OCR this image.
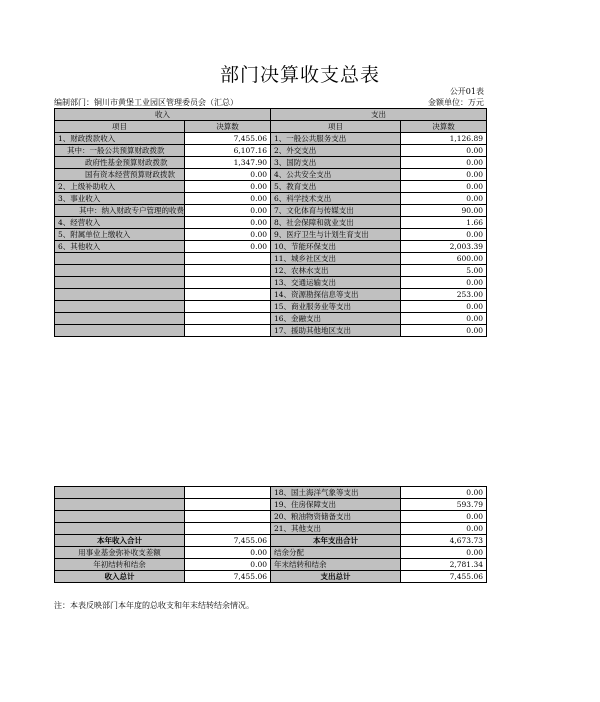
部门决算收支总表
公开01表
编制部门：铜川市黄堡工业园区管理委员会（汇总）	金额单位：万元
收入		支出	
项目	决算数	项目	决算数
1、财政拨款收入	7,455.06	1、一般公共服务支出	1,126.89
其中：一般公共预算财政拨款	6,107.16	2、外交支出	0.00
政府性基金预算财政拨款	1,347.90	3、国防支出	0.00
国有资本经营预算财政拨款	0.00	4、公共安全支出	0.00
2、上级补助收入	0.00	5、教育支出	0.00
3、事业收入	0.00	6、科学技术支出	0.00
其中：纳入财政专户管理的收费	0.00	7、文化体育与传媒支出	90.00
4、经营收入	0.00	8、社会保障和就业支出	1.66
5、附属单位上缴收入	0.00	9、医疗卫生与计划生育支出	0.00
6、其他收入	0.00	10、节能环保支出	2,003.39
		11、城乡社区支出	600.00
		12、农林水支出	5.00
		13、交通运输支出	0.00
		14、资源勘探信息等支出	253.00
		15、商业服务业等支出	0.00
		16、金融支出	0.00
		17、援助其他地区支出	0.00
		18、国土海洋气象等支出	0.00
		19、住房保障支出	593.79
		20、粮油物资储备支出	0.00
		21、其他支出	0.00
本年收入合计	7,455.06	本年支出合计	4,673.73
用事业基金弥补收支差额	0.00	结余分配	0.00
年初结转和结余	0.00	年末结转和结余	2,781.34
收入总计	7,455.06	支出总计	7,455.06
注：本表反映部门本年度的总收支和年末结转结余情况。
